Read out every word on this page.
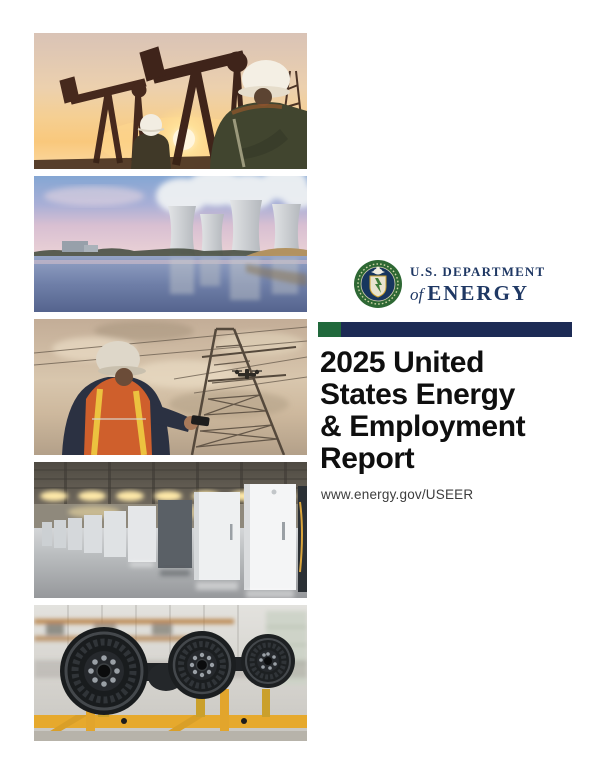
U.S. DEPARTMENT
of ENERGY
2025 United
States Energy
& Employment
Report
www.energy.gov/USEER
